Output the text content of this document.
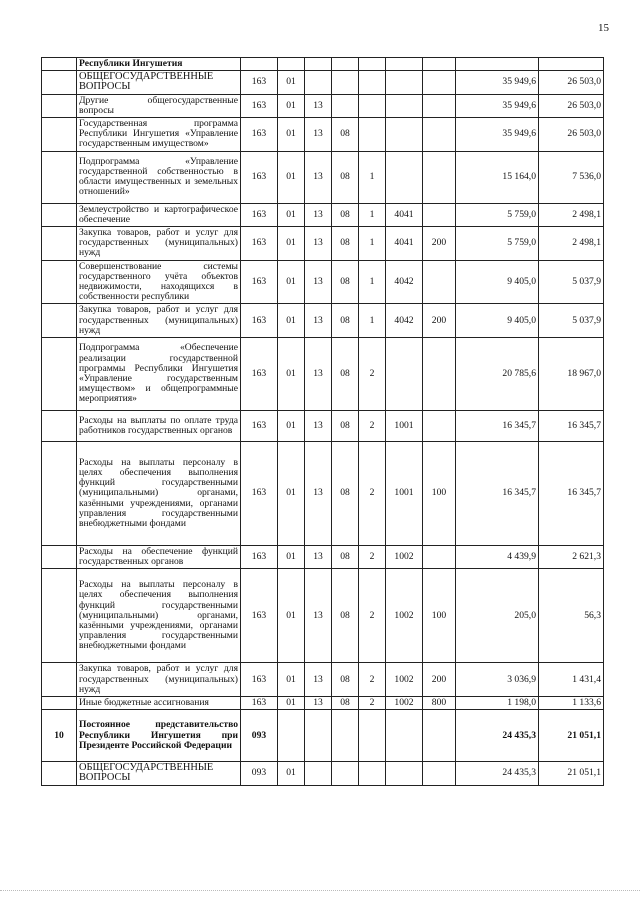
15
	Республики Ингушетия									
	ОБЩЕГОСУДАРСТВЕННЫЕ ВОПРОСЫ	163	01						35 949,6	26 503,0
	Другие общегосударственные вопросы	163	01	13					35 949,6	26 503,0
	Государственная программа Республики Ингушетия «Управление государственным имуществом»	163	01	13	08				35 949,6	26 503,0
	Подпрограмма «Управление государственной собственностью в области имущественных и земельных отношений»	163	01	13	08	1			15 164,0	7 536,0
	Землеустройство и картографическое обеспечение	163	01	13	08	1	4041		5 759,0	2 498,1
	Закупка товаров, работ и услуг для государственных (муниципальных) нужд	163	01	13	08	1	4041	200	5 759,0	2 498,1
	Совершенствование системы государственного учёта объектов недвижимости, находящихся в собственности республики	163	01	13	08	1	4042		9 405,0	5 037,9
	Закупка товаров, работ и услуг для государственных (муниципальных) нужд	163	01	13	08	1	4042	200	9 405,0	5 037,9
	Подпрограмма «Обеспечение реализации государственной программы Республики Ингушетия «Управление государственным имуществом» и общепрограммные мероприятия»	163	01	13	08	2			20 785,6	18 967,0
	Расходы на выплаты по оплате труда работников государственных органов	163	01	13	08	2	1001		16 345,7	16 345,7
	Расходы на выплаты персоналу в целях обеспечения выполнения функций государственными (муниципальными) органами, казёнными учреждениями, органами управления государственными внебюджетными фондами	163	01	13	08	2	1001	100	16 345,7	16 345,7
	Расходы на обеспечение функций государственных органов	163	01	13	08	2	1002		4 439,9	2 621,3
	Расходы на выплаты персоналу в целях обеспечения выполнения функций государственными (муниципальными) органами, казёнными учреждениями, органами управления государственными внебюджетными фондами	163	01	13	08	2	1002	100	205,0	56,3
	Закупка товаров, работ и услуг для государственных (муниципальных) нужд	163	01	13	08	2	1002	200	3 036,9	1 431,4
	Иные бюджетные ассигнования	163	01	13	08	2	1002	800	1 198,0	1 133,6
10	Постоянное представительство Республики Ингушетия при Президенте Российской Федерации	093							24 435,3	21 051,1
	ОБЩЕГОСУДАРСТВЕННЫЕ ВОПРОСЫ	093	01						24 435,3	21 051,1
